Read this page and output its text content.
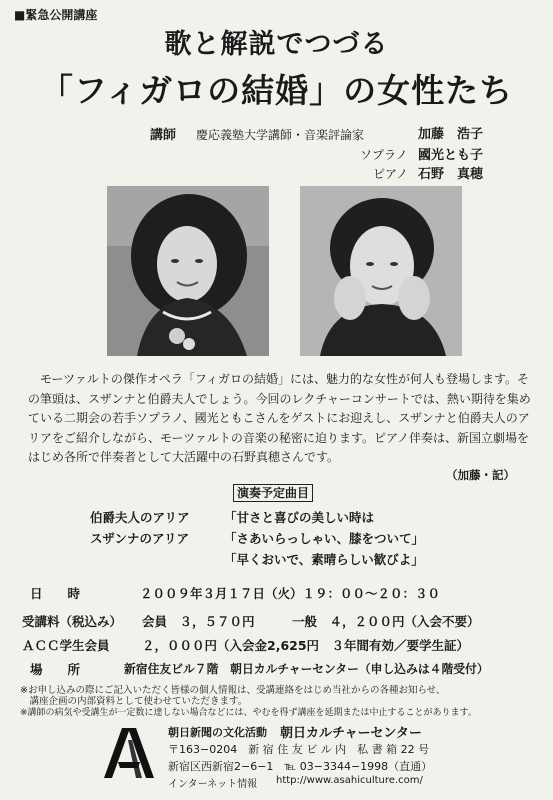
■緊急公開講座
歌と解説でつづる
「フィガロの結婚」の女性たち
講師 慶応義塾大学講師・音楽評論家	加藤　浩子
ソプラノ 國光とも子
ピアノ 石野　真穂
モーツァルトの傑作オペラ「フィガロの結婚」には、魅力的な女性が何人も登場します。その筆頭は、スザンナと伯爵夫人でしょう。今回のレクチャーコンサートでは、熱い期待を集めている二期会の若手ソプラノ、國光ともこさんをゲストにお迎えし、スザンナと伯爵夫人のアリアをご紹介しながら、モーツァルトの音楽の秘密に迫ります。ピアノ伴奏は、新国立劇場をはじめ各所で伴奏者として大活躍中の石野真穂さんです。
（加藤・記）
演奏予定曲目
伯爵夫人のアリア	「甘さと喜びの美しい時は
スザンナのアリア	「さあいらっしゃい、膝をついて」
「早くおいで、素晴らしい歓びよ」
日　　時	２００９年３月１７日（火）１９：００〜２０：３０
受講料（税込み） 会員　３，５７０円	一般　４，２００円（入会不要）
ＡＣＣ学生会員	２，０００円（入会金2,625円　３年間有効／要学生証）
場　　所	新宿住友ビル７階　朝日カルチャーセンター（申し込みは４階受付）
※お申し込みの際にご記入いただく皆様の個人情報は、受講連絡をはじめ当社からの各種お知らせ、
　講座企画の内部資料として使わせていただきます。
※講師の病気や受講生が一定数に達しない場合などには、やむを得ず講座を延期または中止することがあります。
朝日新聞の文化活動 朝日カルチャーセンター
〒163−0204　新 宿 住 友 ビ ル 内　私 書 箱 22 号
新宿区西新宿2−6−1　℡ 03−3344−1998（直通）
インターネット情報 http://www.asahiculture.com/
